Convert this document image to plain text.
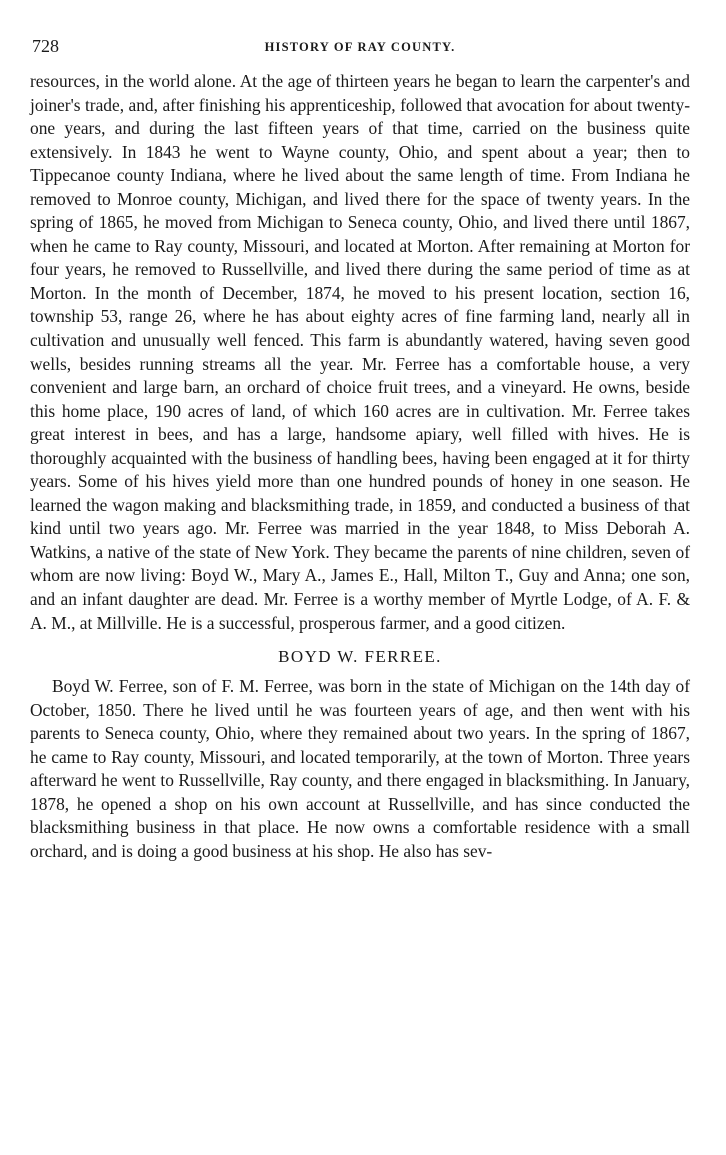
728	HISTORY OF RAY COUNTY.

resources, in the world alone. At the age of thirteen years he began to learn the carpenter's and joiner's trade, and, after finishing his apprenticeship, followed that avocation for about twenty-one years, and during the last fifteen years of that time, carried on the business quite extensively. In 1843 he went to Wayne county, Ohio, and spent about a year; then to Tippecanoe county Indiana, where he lived about the same length of time. From Indiana he removed to Monroe county, Michigan, and lived there for the space of twenty years. In the spring of 1865, he moved from Michigan to Seneca county, Ohio, and lived there until 1867, when he came to Ray county, Missouri, and located at Morton. After remaining at Morton for four years, he removed to Russellville, and lived there during the same period of time as at Morton. In the month of December, 1874, he moved to his present location, section 16, township 53, range 26, where he has about eighty acres of fine farming land, nearly all in cultivation and unusually well fenced. This farm is abundantly watered, having seven good wells, besides running streams all the year. Mr. Ferree has a comfortable house, a very convenient and large barn, an orchard of choice fruit trees, and a vineyard. He owns, beside this home place, 190 acres of land, of which 160 acres are in cultivation. Mr. Ferree takes great interest in bees, and has a large, handsome apiary, well filled with hives. He is thoroughly acquainted with the business of handling bees, having been engaged at it for thirty years. Some of his hives yield more than one hundred pounds of honey in one season. He learned the wagon making and blacksmithing trade, in 1859, and conducted a business of that kind until two years ago. Mr. Ferree was married in the year 1848, to Miss Deborah A. Watkins, a native of the state of New York. They became the parents of nine children, seven of whom are now living: Boyd W., Mary A., James E., Hall, Milton T., Guy and Anna; one son, and an infant daughter are dead. Mr. Ferree is a worthy member of Myrtle Lodge, of A. F. & A. M., at Millville. He is a successful, prosperous farmer, and a good citizen.

BOYD W. FERREE.

Boyd W. Ferree, son of F. M. Ferree, was born in the state of Michigan on the 14th day of October, 1850. There he lived until he was fourteen years of age, and then went with his parents to Seneca county, Ohio, where they remained about two years. In the spring of 1867, he came to Ray county, Missouri, and located temporarily, at the town of Morton. Three years afterward he went to Russellville, Ray county, and there engaged in blacksmithing. In January, 1878, he opened a shop on his own account at Russellville, and has since conducted the blacksmithing business in that place. He now owns a comfortable residence with a small orchard, and is doing a good business at his shop. He also has sev-
